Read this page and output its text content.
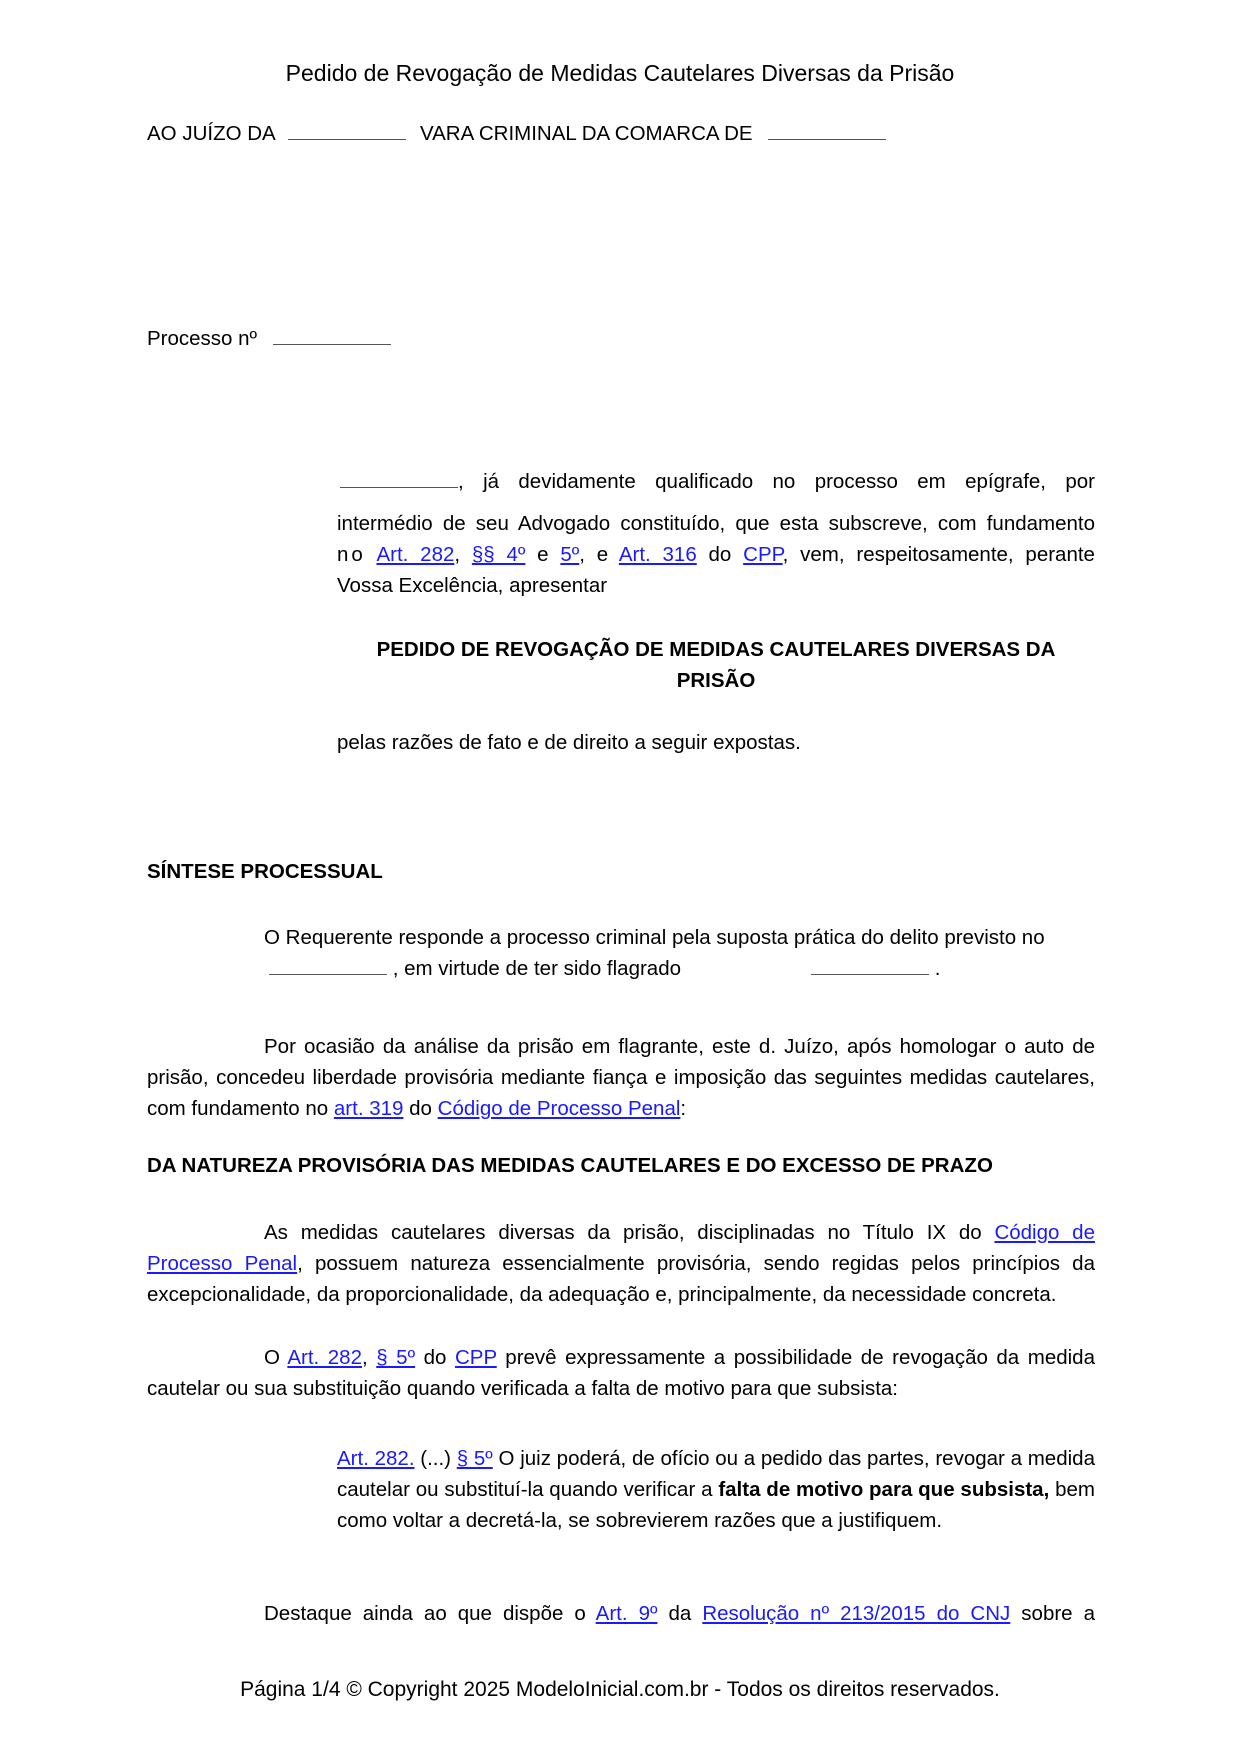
Pedido de Revogação de Medidas Cautelares Diversas da Prisão
AO JUÍZO DA	VARA CRIMINAL DA COMARCA DE
Processo nº

, já devidamente qualificado no processo em epígrafe, por

intermédio de seu Advogado constituído, que esta subscreve, com fundamento

no Art. 282, §§ 4º e 5º, e Art. 316 do CPP, vem, respeitosamente, perante

Vossa Excelência, apresentar

PEDIDO DE REVOGAÇÃO DE MEDIDAS CAUTELARES DIVERSAS DA

PRISÃO

pelas razões de fato e de direito a seguir expostas.
SÍNTESE PROCESSUAL

O Requerente responde a processo criminal pela suposta prática do delito previsto no

, em virtude de ter sido flagrado	.

Por ocasião da análise da prisão em flagrante, este d. Juízo, após homologar o auto de prisão, concedeu liberdade provisória mediante fiança e imposição das seguintes medidas cautelares, com fundamento no art. 319 do Código de Processo Penal:
DA NATUREZA PROVISÓRIA DAS MEDIDAS CAUTELARES E DO EXCESSO DE PRAZO
As medidas cautelares diversas da prisão, disciplinadas no Título IX do Código de Processo Penal, possuem natureza essencialmente provisória, sendo regidas pelos princípios da excepcionalidade, da proporcionalidade, da adequação e, principalmente, da necessidade concreta.
O Art. 282, § 5º do CPP prevê expressamente a possibilidade de revogação da medida cautelar ou sua substituição quando verificada a falta de motivo para que subsista:
Art. 282. (...) § 5º O juiz poderá, de ofício ou a pedido das partes, revogar a medida cautelar ou substituí-la quando verificar a falta de motivo para que subsista, bem como voltar a decretá-la, se sobrevierem razões que a justifiquem.
Destaque ainda ao que dispõe o Art. 9º da Resolução nº 213/2015 do CNJ sobre a
Página 1/4 © Copyright 2025 ModeloInicial.com.br - Todos os direitos reservados.
